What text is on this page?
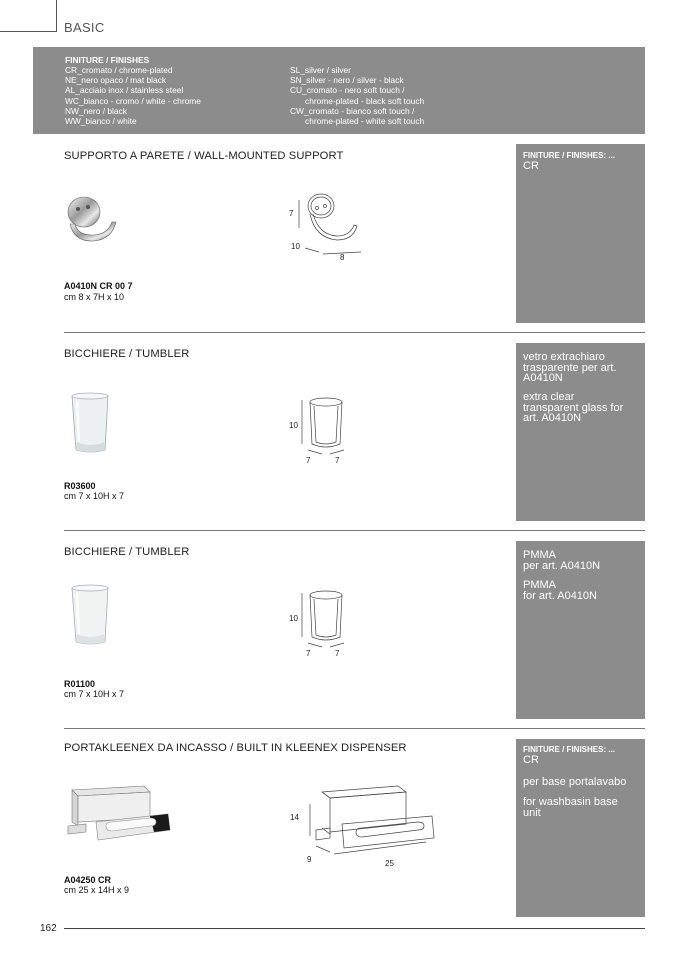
BASIC
FINITURE / FINISHES
CR_cromato / chrome-plated
NE_nero opaco / mat black
AL_acciaio inox / stainless steel
WC_bianco - cromo / white - chrome
NW_nero / black
WW_bianco / white
SL_silver / silver
SN_silver - nero / silver - black
CU_cromato - nero soft touch /
chrome-plated - black soft touch
CW_cromato - bianco soft touch /
chrome-plated - white soft touch
SUPPORTO A PARETE / WALL-MOUNTED SUPPORT
7
10
8
A0410N CR 00 7
cm 8 x 7H x 10
FINITURE / FINISHES: ...
CR
BICCHIERE / TUMBLER
10
7	7
R03600
cm 7 x 10H x 7
vetro extrachiaro
trasparente per art.
A0410N
extra clear
transparent glass for
art. A0410N
BICCHIERE / TUMBLER
10
7	7
R01100
cm 7 x 10H x 7
PMMA
per art. A0410N
PMMA
for art. A0410N
PORTAKLEENEX DA INCASSO / BUILT IN KLEENEX DISPENSER
14
9	25
A04250 CR
cm 25 x 14H x 9
FINITURE / FINISHES: ...
CR
per base portalavabo
for washbasin base
unit
162
